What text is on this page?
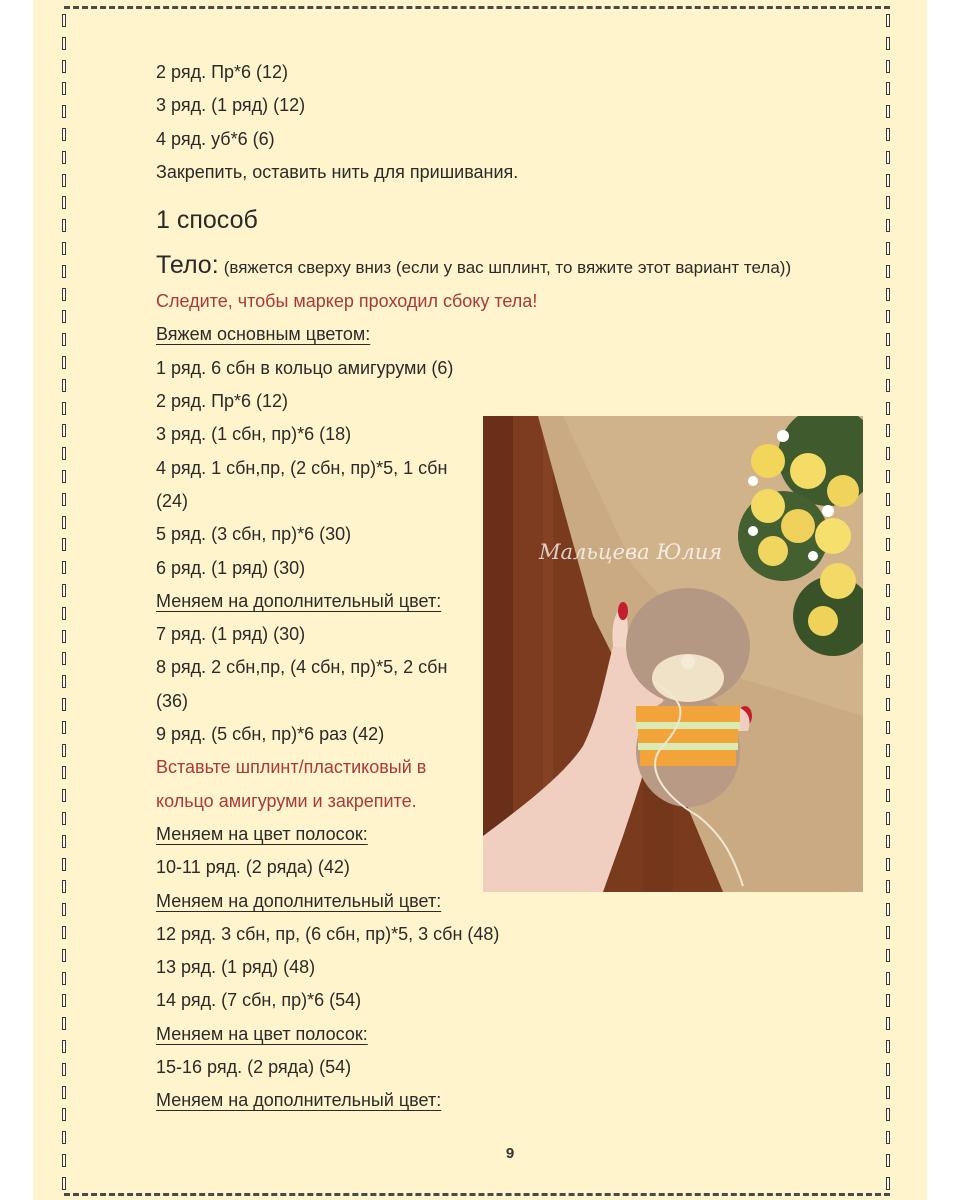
2 ряд. Пр*6 (12)
3 ряд. (1 ряд) (12)
4 ряд. уб*6 (6)
Закрепить, оставить нить для пришивания.
1 способ
Тело: (вяжется сверху вниз (если у вас шплинт, то вяжите этот вариант тела))
Следите, чтобы маркер проходил сбоку тела!
Вяжем основным цветом:
1 ряд. 6 сбн в кольцо амигуруми (6)
2 ряд. Пр*6 (12)
3 ряд. (1 сбн, пр)*6 (18)
4 ряд. 1 сбн,пр, (2 сбн, пр)*5, 1 сбн
(24)
5 ряд. (3 сбн, пр)*6 (30)
6 ряд. (1 ряд) (30)
Меняем на дополнительный цвет:
7 ряд. (1 ряд) (30)
8 ряд. 2 сбн,пр, (4 сбн, пр)*5, 2 сбн
(36)
9 ряд. (5 сбн, пр)*6 раз (42)
Вставьте шплинт/пластиковый в
кольцо амигуруми и закрепите.
Меняем на цвет полосок:
10-11 ряд. (2 ряда) (42)
Меняем на дополнительный цвет:
12 ряд. 3 сбн, пр, (6 сбн, пр)*5, 3 сбн (48)
13 ряд. (1 ряд) (48)
14 ряд. (7 сбн, пр)*6 (54)
Меняем на цвет полосок:
15-16 ряд. (2 ряда) (54)
Меняем на дополнительный цвет:
Мальцева Юлия
9
